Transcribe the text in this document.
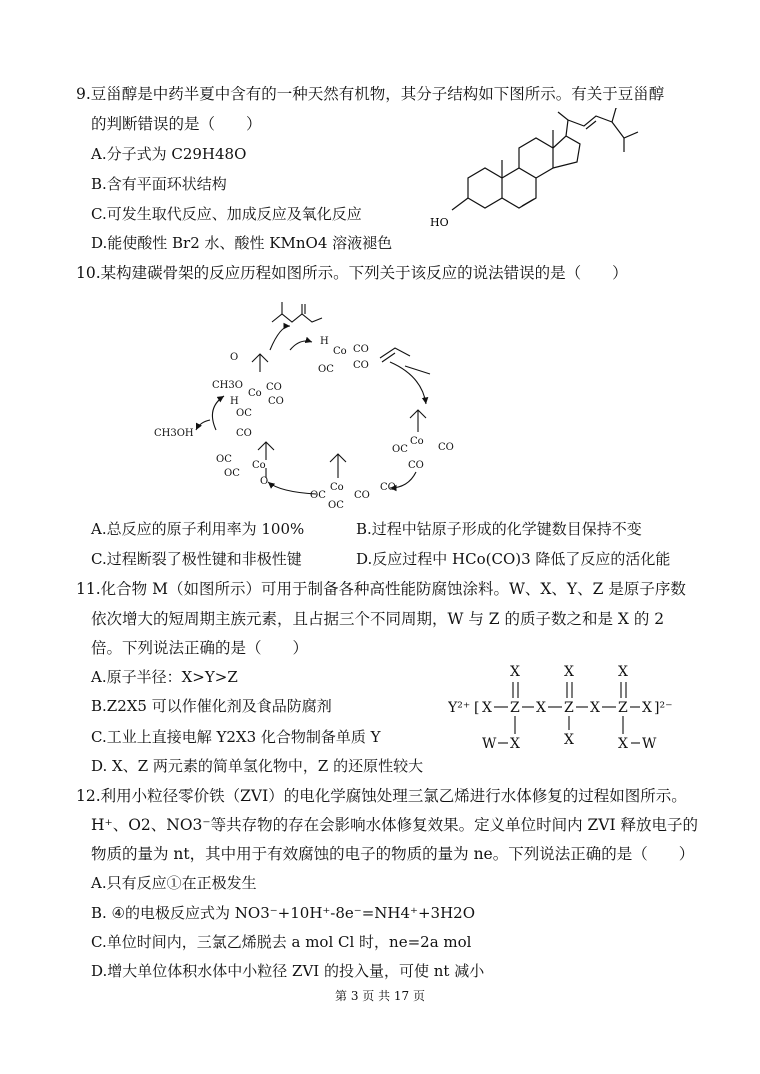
9.豆甾醇是中药半夏中含有的一种天然有机物，其分子结构如下图所示。有关于豆甾醇
的判断错误的是（　　）
A.分子式为 C29H48O
B.含有平面环状结构
C.可发生取代反应、加成反应及氧化反应
D.能使酸性 Br2 水、酸性 KMnO4 溶液褪色
HO
10.某构建碳骨架的反应历程如图所示。下列关于该反应的说法错误的是（　　）
H
Co CO
CO
OC
Co
OC	CO
CO
Co
OC	CO
CO
OC
O
Co
CO
OC
OC
O
CH3O
Co
H
CO
CO
OC
CH3OH
A.总反应的原子利用率为 100%	B.过程中钴原子形成的化学键数目保持不变
C.过程断裂了极性键和非极性键	D.反应过程中 HCo(CO)3 降低了反应的活化能
11.化合物 M（如图所示）可用于制备各种高性能防腐蚀涂料。W、X、Y、Z 是原子序数
依次增大的短周期主族元素，且占据三个不同周期，W 与 Z 的质子数之和是 X 的 2
倍。下列说法正确的是（　　）
A.原子半径：X>Y>Z
B.Z2X5 可以作催化剂及食品防腐剂
C.工业上直接电解 Y2X3 化合物制备单质 Y
D. X、Z 两元素的简单氢化物中，Z 的还原性较大
X	X	X
Y²⁺ [ X Z X Z X Z X ]²⁻
W X	X	X W
12.利用小粒径零价铁（ZVI）的电化学腐蚀处理三氯乙烯进行水体修复的过程如图所示。
H⁺、O2、NO3⁻等共存物的存在会影响水体修复效果。定义单位时间内 ZVI 释放电子的
物质的量为 nt，其中用于有效腐蚀的电子的物质的量为 ne。下列说法正确的是（　　）
A.只有反应①在正极发生
B. ④的电极反应式为 NO3⁻+10H⁺-8e⁻=NH4⁺+3H2O
C.单位时间内，三氯乙烯脱去 a mol Cl 时，ne=2a mol
D.增大单位体积水体中小粒径 ZVI 的投入量，可使 nt 减小
第 3 页 共 17 页
